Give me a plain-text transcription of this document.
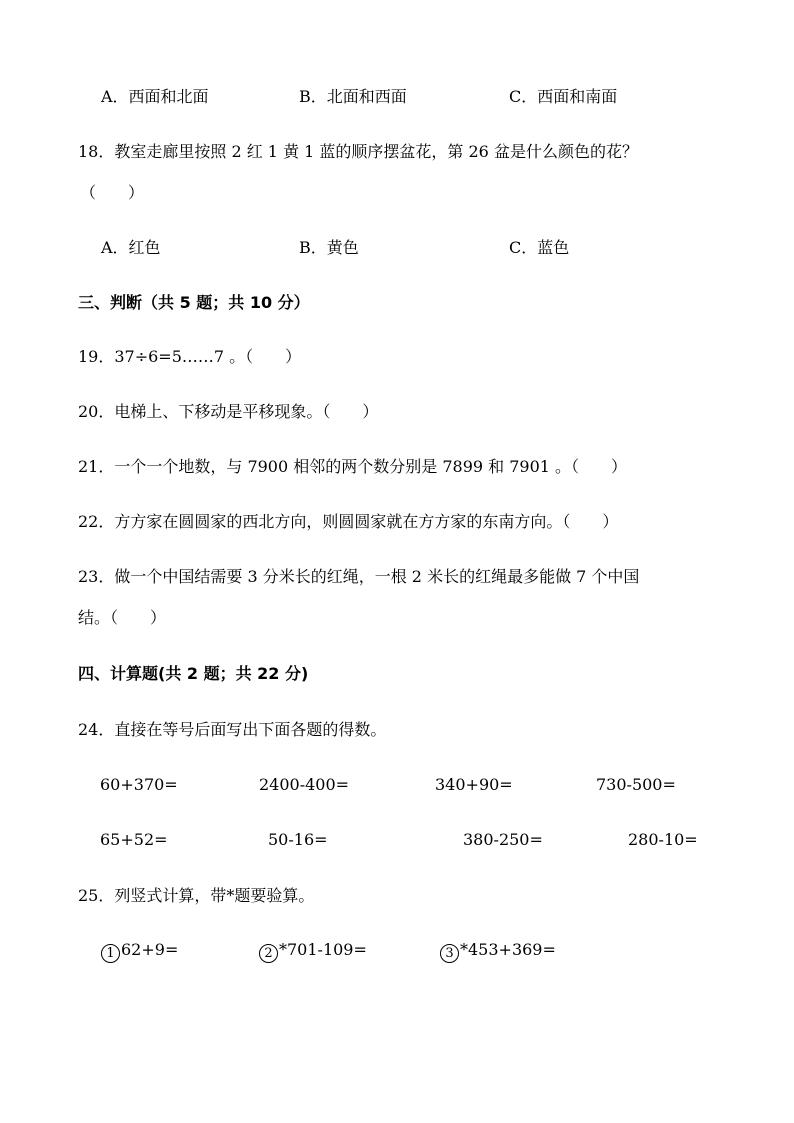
A．西面和北面	B．北面和西面	C．西面和南面
18．教室走廊里按照 2 红 1 黄 1 蓝的顺序摆盆花，第 26 盆是什么颜色的花？
（　　）
A．红色	B．黄色	C．蓝色
三、判断（共 5 题；共 10 分）
19．37÷6=5……7 。（　　）
20．电梯上、下移动是平移现象。（　　）
21．一个一个地数，与 7900 相邻的两个数分别是 7899 和 7901 。（　　）
22．方方家在圆圆家的西北方向，则圆圆家就在方方家的东南方向。（　　）
23．做一个中国结需要 3 分米长的红绳，一根 2 米长的红绳最多能做 7 个中国
结。（　　）
四、计算题(共 2 题；共 22 分)
24．直接在等号后面写出下面各题的得数。
60+370=	2400-400=	340+90=	730-500=
65+52=	50-16=	380-250=	280-10=
25．列竖式计算，带*题要验算。
1 62+9=	2 *701-109=	3 *453+369=
